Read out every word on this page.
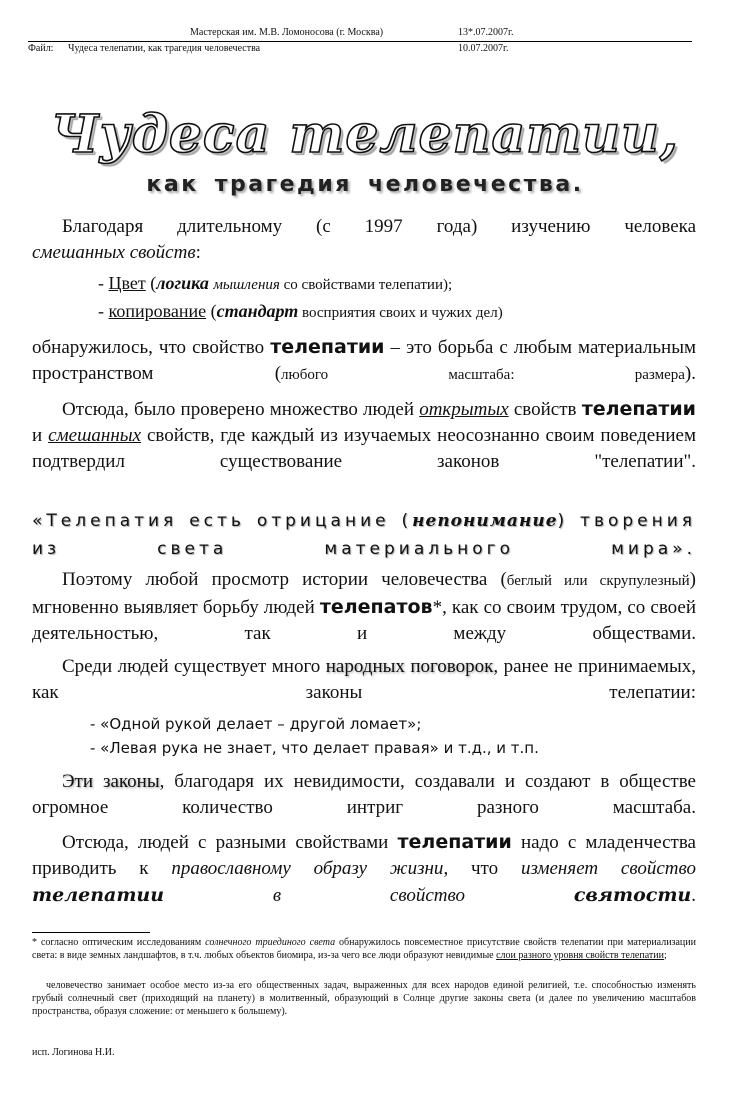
Мастерская им. М.В. Ломоносова (г. Москва)	13*.07.2007г.
Файл: Чудеса телепатии, как трагедия человечества	10.07.2007г.
Чудеса телепатии,
как трагедия человечества.
Благодаря длительному (с 1997 года) изучению человека
смешанных свойств:
- Цвет (логика мышления со свойствами телепатии);
- копирование (стандарт восприятия своих и чужих дел)
обнаружилось, что свойство телепатии – это борьба с любым материальным пространством (любого масштаба: размера).
Отсюда, было проверено множество людей открытых свойств телепатии и смешанных свойств, где каждый из изучаемых неосознанно своим поведением подтвердил существование законов "телепатии".
«Телепатия есть отрицание (непонимание) творения из света материального мира».
Поэтому любой просмотр истории человечества (беглый или скрупулезный) мгновенно выявляет борьбу людей телепатов*, как со своим трудом, со своей деятельностью, так и между обществами.
Среди людей существует много народных поговорок, ранее не принимаемых, как законы телепатии:
- «Одной рукой делает – другой ломает»;
- «Левая рука не знает, что делает правая» и т.д., и т.п.
Эти законы, благодаря их невидимости, создавали и создают в обществе огромное количество интриг разного масштаба.
Отсюда, людей с разными свойствами телепатии надо с младенчества приводить к православному образу жизни, что изменяет свойство телепатии в свойство святости.
* согласно оптическим исследованиям солнечного триединого света обнаружилось повсеместное присутствие свойств телепатии при материализации света: в виде земных ландшафтов, в т.ч. любых объектов биомира, из-за чего все люди образуют невидимые слои разного уровня свойств телепатии;
человечество занимает особое место из-за его общественных задач, выраженных для всех народов единой религией, т.е. способностью изменять грубый солнечный свет (приходящий на планету) в молитвенный, образующий в Солнце другие законы света (и далее по увеличению масштабов пространства, образуя сложение: от меньшего к большему).
исп. Логинова Н.И.
